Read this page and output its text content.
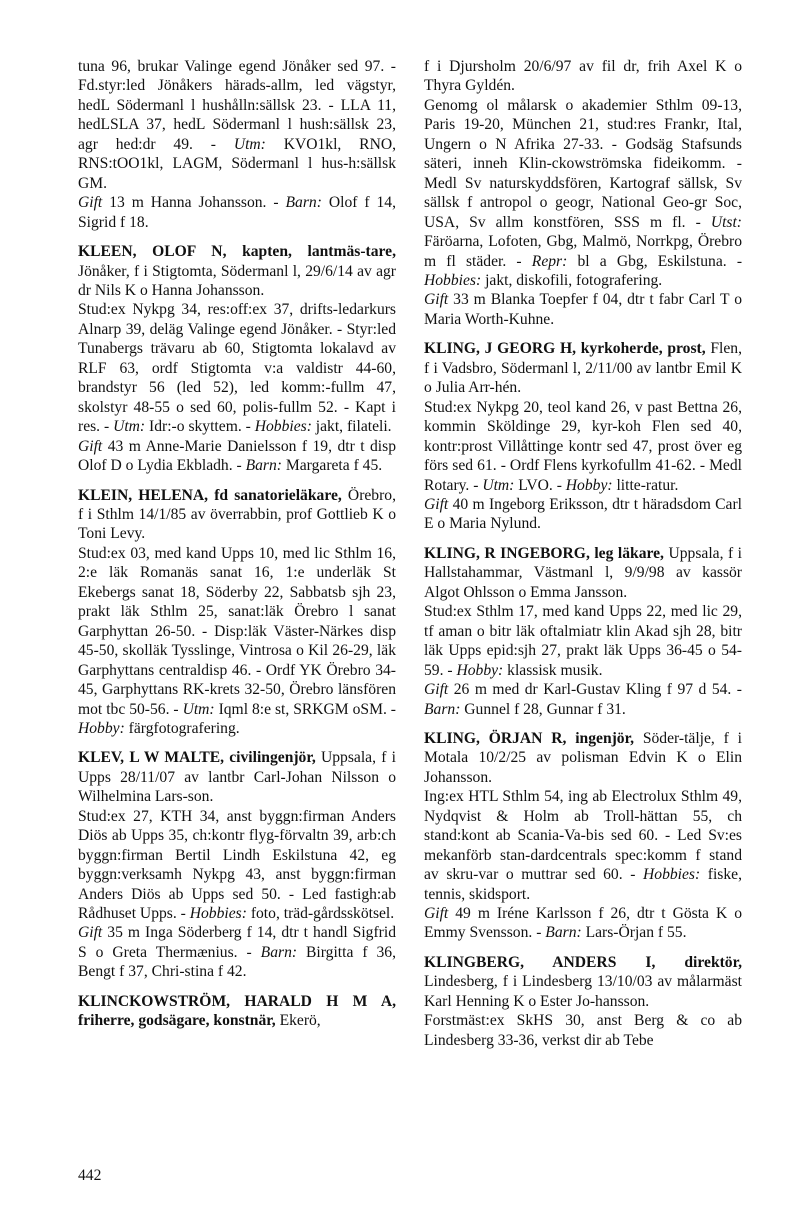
tuna 96, brukar Valinge egend Jönåker sed 97. - Fd.styr:led Jönåkers härads-allm, led vägstyr, hedL Södermanl l hushålln:sällsk 23. - LLA 11, hedLSLA 37, hedL Södermanl l hush:sällsk 23, agr hed:dr 49. - Utm: KVO1kl, RNO, RNS:tOO1kl, LAGM, Södermanl l hus-h:sällsk GM.

Gift 13 m Hanna Johansson. - Barn: Olof f 14, Sigrid f 18.

KLEEN, OLOF N, kapten, lantmäs-tare, Jönåker, f i Stigtomta, Södermanl l, 29/6/14 av agr dr Nils K o Hanna Johansson.

Stud:ex Nykpg 34, res:off:ex 37, drifts-ledarkurs Alnarp 39, deläg Valinge egend Jönåker. - Styr:led Tunabergs trävaru ab 60, Stigtomta lokalavd av RLF 63, ordf Stigtomta v:a valdistr 44-60, brandstyr 56 (led 52), led komm:-fullm 47, skolstyr 48-55 o sed 60, polis-fullm 52. - Kapt i res. - Utm: Idr:-o skyttem. - Hobbies: jakt, filateli.

Gift 43 m Anne-Marie Danielsson f 19, dtr t disp Olof D o Lydia Ekbladh. - Barn: Margareta f 45.

KLEIN, HELENA, fd sanatorieläkare, Örebro, f i Sthlm 14/1/85 av överrabbin, prof Gottlieb K o Toni Levy.

Stud:ex 03, med kand Upps 10, med lic Sthlm 16, 2:e läk Romanäs sanat 16, 1:e underläk St Ekebergs sanat 18, Söderby 22, Sabbatsb sjh 23, prakt läk Sthlm 25, sanat:läk Örebro l sanat Garphyttan 26-50. - Disp:läk Väster-Närkes disp 45-50, skolläk Tysslinge, Vintrosa o Kil 26-29, läk Garphyttans centraldisp 46. - Ordf YK Örebro 34-45, Garphyttans RK-krets 32-50, Örebro länsfören mot tbc 50-56. - Utm: Iqml 8:e st, SRKGM oSM. - Hobby: färgfotografering.

KLEV, L W MALTE, civilingenjör, Uppsala, f i Upps 28/11/07 av lantbr Carl-Johan Nilsson o Wilhelmina Lars-son.

Stud:ex 27, KTH 34, anst byggn:firman Anders Diös ab Upps 35, ch:kontr flyg-förvaltn 39, arb:ch byggn:firman Bertil Lindh Eskilstuna 42, eg byggn:verksamh Nykpg 43, anst byggn:firman Anders Diös ab Upps sed 50. - Led fastigh:ab Rådhuset Upps. - Hobbies: foto, träd-gårdsskötsel.

Gift 35 m Inga Söderberg f 14, dtr t handl Sigfrid S o Greta Thermænius. - Barn: Birgitta f 36, Bengt f 37, Chri-stina f 42.

KLINCKOWSTRÖM, HARALD H M A, friherre, godsägare, konstnär, Ekerö,

f i Djursholm 20/6/97 av fil dr, frih Axel K o Thyra Gyldén.

Genomg ol målarsk o akademier Sthlm 09-13, Paris 19-20, München 21, stud:res Frankr, Ital, Ungern o N Afrika 27-33. - Godsäg Stafsunds säteri, inneh Klin-ckowströmska fideikomm. - Medl Sv naturskyddsfören, Kartograf sällsk, Sv sällsk f antropol o geogr, National Geo-gr Soc, USA, Sv allm konstfören, SSS m fl. - Utst: Färöarna, Lofoten, Gbg, Malmö, Norrkpg, Örebro m fl städer. - Repr: bl a Gbg, Eskilstuna. - Hobbies: jakt, diskofili, fotografering.

Gift 33 m Blanka Toepfer f 04, dtr t fabr Carl T o Maria Worth-Kuhne.

KLING, J GEORG H, kyrkoherde, prost, Flen, f i Vadsbro, Södermanl l, 2/11/00 av lantbr Emil K o Julia Arr-hén.

Stud:ex Nykpg 20, teol kand 26, v past Bettna 26, kommin Sköldinge 29, kyr-koh Flen sed 40, kontr:prost Villåttinge kontr sed 47, prost över eg förs sed 61. - Ordf Flens kyrkofullm 41-62. - Medl Rotary. - Utm: LVO. - Hobby: litte-ratur.

Gift 40 m Ingeborg Eriksson, dtr t häradsdom Carl E o Maria Nylund.

KLING, R INGEBORG, leg läkare, Uppsala, f i Hallstahammar, Västmanl l, 9/9/98 av kassör Algot Ohlsson o Emma Jansson.

Stud:ex Sthlm 17, med kand Upps 22, med lic 29, tf aman o bitr läk oftalmiatr klin Akad sjh 28, bitr läk Upps epid:sjh 27, prakt läk Upps 36-45 o 54-59. - Hobby: klassisk musik.

Gift 26 m med dr Karl-Gustav Kling f 97 d 54. - Barn: Gunnel f 28, Gunnar f 31.

KLING, ÖRJAN R, ingenjör, Söder-tälje, f i Motala 10/2/25 av polisman Edvin K o Elin Johansson.

Ing:ex HTL Sthlm 54, ing ab Electrolux Sthlm 49, Nydqvist & Holm ab Troll-hättan 55, ch stand:kont ab Scania-Va-bis sed 60. - Led Sv:es mekanförb stan-dardcentrals spec:komm f stand av skru-var o muttrar sed 60. - Hobbies: fiske, tennis, skidsport.

Gift 49 m Iréne Karlsson f 26, dtr t Gösta K o Emmy Svensson. - Barn: Lars-Örjan f 55.

KLINGBERG, ANDERS I, direktör, Lindesberg, f i Lindesberg 13/10/03 av målarmäst Karl Henning K o Ester Jo-hansson.

Forstmäst:ex SkHS 30, anst Berg & co ab Lindesberg 33-36, verkst dir ab Tebe

442
